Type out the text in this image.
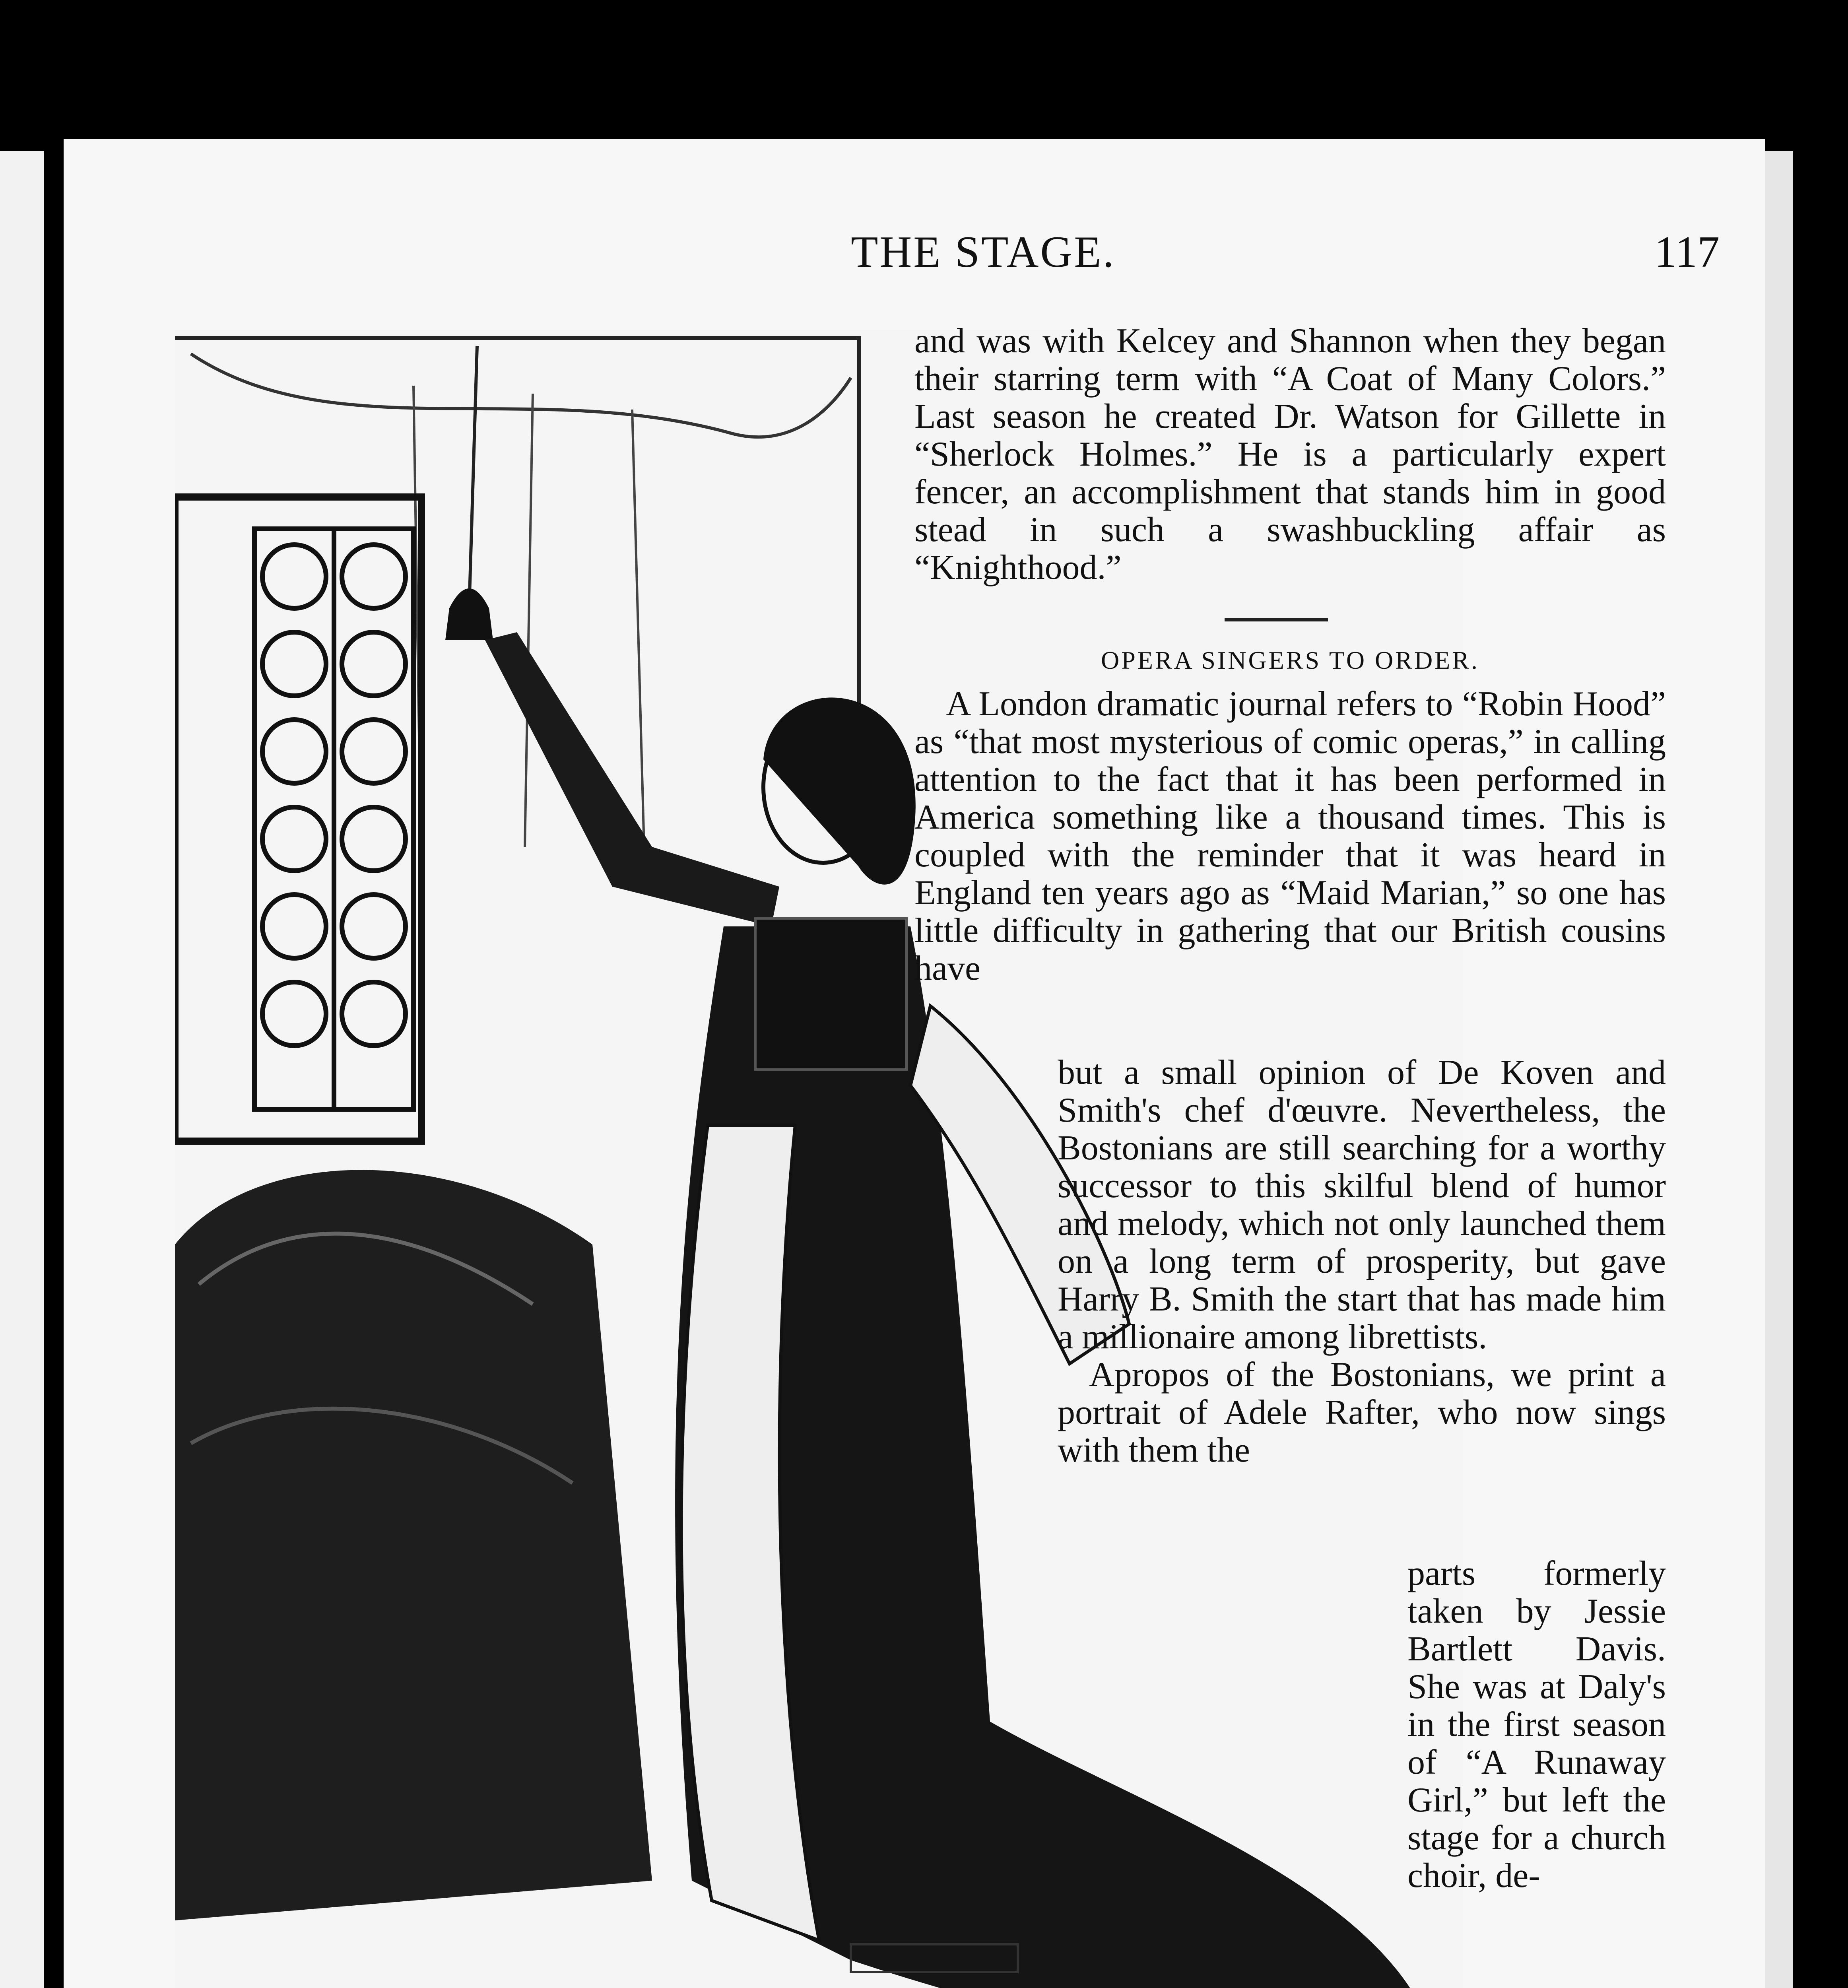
THE STAGE.	117

and was with Kelcey and Shannon when they began their starring term with “A Coat of Many Colors.” Last season he created Dr. Watson for Gillette in “Sherlock Holmes.” He is a particularly expert fencer, an accomplishment that stands him in good stead in such a swashbuckling affair as “Knighthood.”

OPERA SINGERS TO ORDER.

A London dramatic journal refers to “Robin Hood” as “that most mysterious of comic operas,” in calling attention to the fact that it has been performed in America something like a thousand times. This is coupled with the reminder that it was heard in England ten years ago as “Maid Marian,” so one has little difficulty in gathering that our British cousins have

but a small opinion of De Koven and Smith's chef d'œuvre. Nevertheless, the Bostonians are still searching for a worthy successor to this skilful blend of humor and melody, which not only launched them on a long term of prosperity, but gave Harry B. Smith the start that has made him a millionaire among librettists.

Apropos of the Bostonians, we print a portrait of Adele Rafter, who now sings with them the

parts formerly taken by Jessie Bartlett Davis. She was at Daly's in the first season of “A Runaway Girl,” but left the stage for a church choir, de-
